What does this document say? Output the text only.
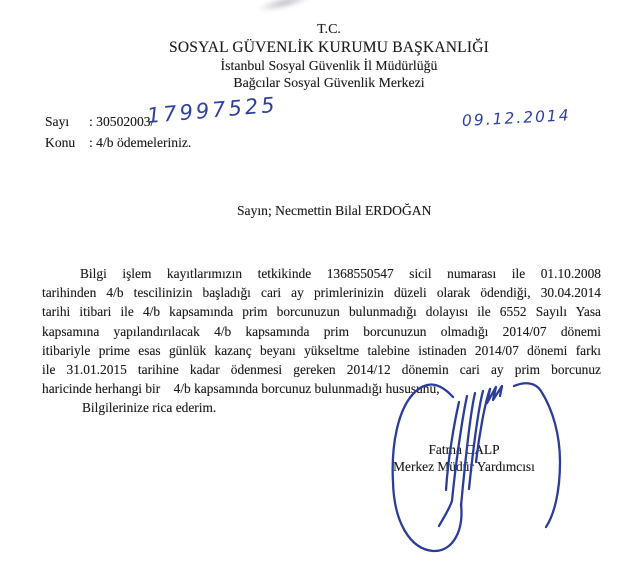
T.C.
SOSYAL GÜVENLİK KURUMU BAŞKANLIĞI
İstanbul Sosyal Güvenlik İl Müdürlüğü
Bağcılar Sosyal Güvenlik Merkezi
Sayı : 30502003/
Konu : 4/b ödemeleriniz.
17997525	09.12.2014
Sayın; Necmettin Bilal ERDOĞAN
Bilgi işlem kayıtlarımızın tetkikinde 1368550547 sicil numarası ile 01.10.2008
tarihinden 4/b tescilinizin başladığı cari ay primlerinizin düzeli olarak ödendiği, 30.04.2014
tarihi itibari ile 4/b kapsamında prim borcunuzun bulunmadığı dolayısı ile 6552 Sayılı Yasa
kapsamına yapılandırılacak 4/b kapsamında prim borcunuzun olmadığı 2014/07 dönemi
itibariyle prime esas günlük kazanç beyanı yükseltme talebine istinaden 2014/07 dönemi farkı
ile 31.01.2015 tarihine kadar ödenmesi gereken 2014/12 dönemin cari ay prim borcunuz
haricinde herhangi bir    4/b kapsamında borcunuz bulunmadığı hususunu,
Bilgilerinize rica ederim.
Fatma CALP
Merkez Müdür Yardımcısı
